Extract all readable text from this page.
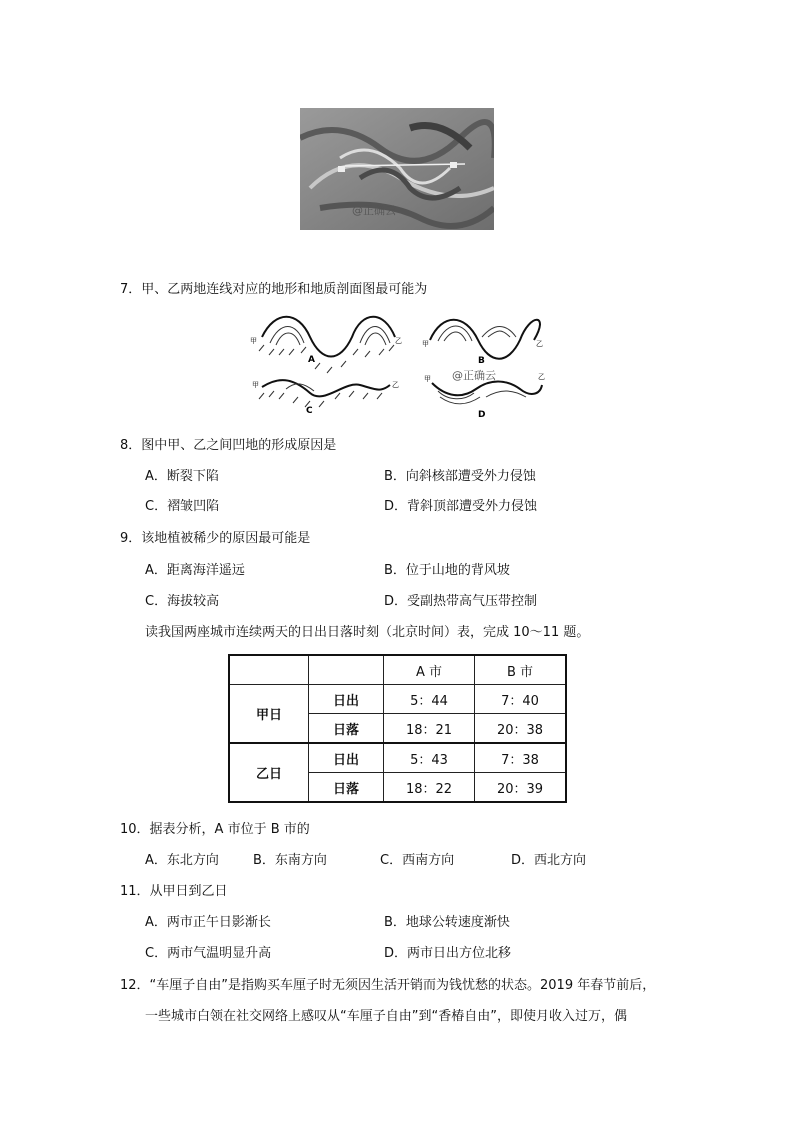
@正确云
7．甲、乙两地连线对应的地形和地质剖面图最可能为
甲	乙
A
甲	乙
B
甲	乙
C
甲	乙
D
@正确云
8．图中甲、乙之间凹地的形成原因是
A．断裂下陷	B．向斜核部遭受外力侵蚀
C．褶皱凹陷	D．背斜顶部遭受外力侵蚀
9．该地植被稀少的原因最可能是
A．距离海洋遥远	B．位于山地的背风坡
C．海拔较高	D．受副热带高气压带控制
读我国两座城市连续两天的日出日落时刻（北京时间）表，完成 10～11 题。
		A 市	B 市
甲日	日出	5：44	7：40
	日落	18：21	20：38
乙日	日出	5：43	7：38
	日落	18：22	20：39
10．据表分析，A 市位于 B 市的
A．东北方向	B．东南方向	C．西南方向	D．西北方向
11．从甲日到乙日
A．两市正午日影渐长	B．地球公转速度渐快
C．两市气温明显升高	D．两市日出方位北移
12．“车厘子自由”是指购买车厘子时无须因生活开销而为钱忧愁的状态。2019 年春节前后，
一些城市白领在社交网络上感叹从“车厘子自由”到“香椿自由”，即使月收入过万，偶
